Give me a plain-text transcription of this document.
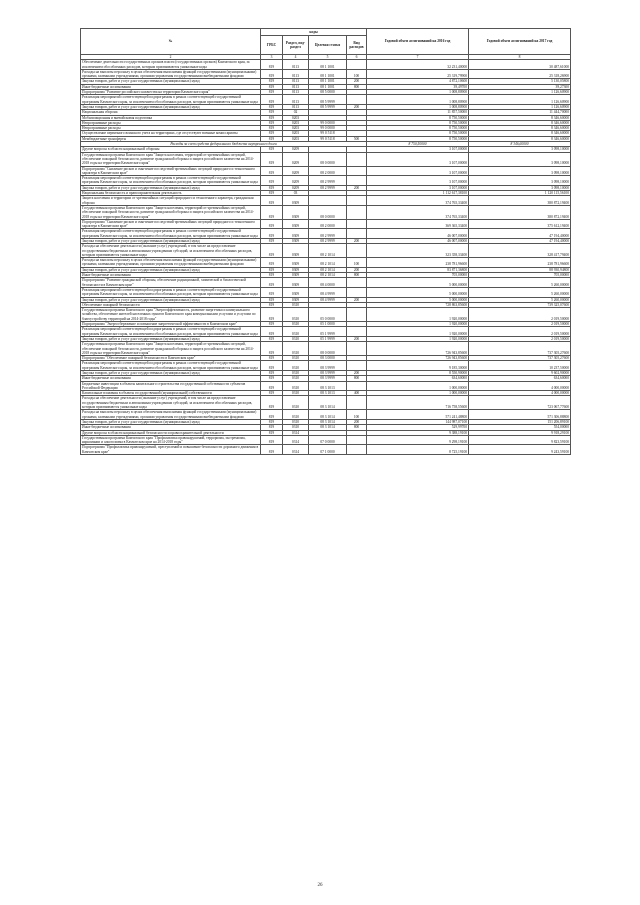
№	коды				Годовой объем ассигнований на 2016 год	Годовой объем ассигнований на 2017 год
	ГРБС	Раздел, под-раздел	Целевая статья	Вид расходов		
2	3	4	5	6	7	8
Обеспечение деятельности государственных органов власти (государственных органов) Камчатского края, за исключением обособленных расходов, которым присваиваются уникальные коды	819	0113	08 1 1001		32 231,40000	30 487,61000
Расходы на выплаты персоналу в целях обеспечения выполнения функций государственными (муниципальными) органами, казенными учреждениями, органами управления государственными внебюджетными фондами	819	0113	08 1 1001	100	25 319,79900	25 318,26900
Закупка товаров, работ и услуг для государственных (муниципальных) нужд	819	0113	08 1 1001	200	4 872,10600	5 130,05800
Иные бюджетные ассигнования	819	0113	08 1 1001	800	39,49700	39,27300
Подпрограмма "Развитие российского казачества на территории Камчатского края"	819	0113	08 5 0000		1 008,80900	1 126,60900
Реализация мероприятий соответствующей подпрограммы в рамках соответствующей государственной программы Камчатского края, за исключением обособленных расходов, которым присваиваются уникальные коды	819	0113	08 5 9999		1 008,80900	1 126,60900
Закупка товаров, работ и услуг для государственных (муниципальных) нужд	819	0113	08 5 9999	200	1 008,80900	1 126,60900
Национальная оборона	819	02			11 857,50000	11 444,70000
Мобилизационная и вневойсковая подготовка	819	0203			8 750,50000	8 346,60000
Непрограммные расходы	819	0203	99 0 0000		8 750,50000	8 346,60000
Непрограммные расходы	819	0203	99 0 0000		8 750,50000	8 346,60000
Осуществление первичного воинского учета на территориях, где отсутствуют военные комиссариаты	819	0203	99 0 5118		8 750,50000	8 346,60000
Межбюджетные трансферты	819	0203	99 0 5118	500	8 750,50000	8 346,60000
Расходы за счет средств федерального бюджета внутреннего долга					8 750,50000	8 346,60000
Другие вопросы в области национальной обороны	819	0209			3 107,00000	3 098,10000
Государственная программа Камчатского края "Защита населения, территорий от чрезвычайных ситуаций, обеспечение пожарной безопасности, развитие гражданской обороны и защита российского казачества на 2014-2018 годы на территории Камчатского края"	819	0209	08 0 0000		3 107,00000	3 098,10000
Подпрограмма "Снижение рисков и смягчение последствий чрезвычайных ситуаций природного и техногенного характера в Камчатском крае"	819	0209	08 2 0000		3 107,00000	3 098,10000
Реализация мероприятий соответствующей подпрограммы в рамках соответствующей государственной программы Камчатского края, за исключением обособленных расходов, которым присваиваются уникальные коды	819	0209	08 2 9999		3 107,00000	3 098,10000
Закупка товаров, работ и услуг для государственных (муниципальных) нужд	819	0209	08 2 9999	200	3 107,00000	3 098,10000
Национальная безопасность и правоохранительная деятельность	819	03			1 112 617,38100	1 120 115,56100
Защита населения и территории от чрезвычайных ситуаций природного и техногенного характера, гражданская оборона	819	0309			374 765,33400	380 872,19400
Государственная программа Камчатского края "Защита населения, территорий от чрезвычайных ситуаций, обеспечение пожарной безопасности, развитие гражданской обороны и защита российского казачества на 2014-2018 годы на территории Камчатского края"	819	0309	08 0 0000		374 765,33400	380 872,19400
Подпрограмма "Снижение рисков и смягчение последствий чрезвычайных ситуаций природного и техногенного характера в Камчатском крае"	819	0309	08 2 0000		369 365,33400	375 612,19400
Реализация мероприятий соответствующей подпрограммы в рамках соответствующей государственной программы Камчатского края, за исключением обособленных расходов, которым присваиваются уникальные коды	819	0309	08 2 9999		46 007,00000	47 194,40000
Закупка товаров, работ и услуг для государственных (муниципальных) нужд	819	0309	08 2 9999	200	46 007,00000	47 194,40000
Расходы на обеспечение деятельности (оказание услуг) учреждений, в том числе на предоставление государственным бюджетным и автономным учреждениям субсидий, за исключением обособленных расходов, которым присваиваются уникальные коды	819	0309	08 2 1014		323 358,33400	328 417,79400
Расходы на выплаты персоналу в целях обеспечения выполнения функций государственными (муниципальными) органами, казенными учреждениями, органами управления государственными внебюджетными фондами	819	0309	08 2 1014	100	238 781,96600	238 781,96600
Закупка товаров, работ и услуг для государственных (муниципальных) нужд	819	0309	08 2 1014	200	83 871,36800	88 930,94800
Иные бюджетные ассигнования	819	0309	08 2 1014	800	705,00000	705,00000
Подпрограмма "Развитие гражданской обороны, обеспечение радиационной, химической и биологической безопасности в Камчатском крае"	819	0309	08 4 0000		5 000,00000	5 260,00000
Реализация мероприятий соответствующей подпрограммы в рамках соответствующей государственной программы Камчатского края, за исключением обособленных расходов, которым присваиваются уникальные коды	819	0309	08 4 9999		5 000,00000	5 260,00000
Закупка товаров, работ и услуг для государственных (муниципальных) нужд	819	0309	08 4 9999	200	5 000,00000	5 260,00000
Обеспечение пожарной безопасности	819	0310			728 863,85600	739 325,07600
Государственная программа Камчатского края "Энергоэффективность, развитие энергетики и коммунального хозяйства, обеспечение жителей населенных пунктов Камчатского края коммунальными услугами и услугами по благоустройству территорий на 2014-2018 годы"	819	0310	05 0 0000		1 920,00000	2 019,50000
Подпрограмма "Энергосбережение и повышение энергетической эффективности в Камчатском крае"	819	0310	05 1 0000		1 920,00000	2 019,50000
Реализация мероприятий соответствующей подпрограммы в рамках соответствующей государственной программы Камчатского края, за исключением обособленных расходов, которым присваиваются уникальные коды	819	0310	05 1 9999		1 920,00000	2 019,50000
Закупка товаров, работ и услуг для государственных (муниципальных) нужд	819	0310	05 1 9999	200	1 920,00000	2 019,50000
Государственная программа Камчатского края "Защита населения, территорий от чрезвычайных ситуаций, обеспечение пожарной безопасности, развитие гражданской обороны и защита российского казачества на 2014-2018 годы на территории Камчатского края"	819	0310	08 0 0000		726 943,85600	737 305,27600
Подпрограмма "Обеспечение пожарной безопасности в Камчатском крае"	819	0310	08 3 0000		726 943,85600	737 305,27600
Реализация мероприятий соответствующей подпрограммы в рамках соответствующей государственной программы Камчатского края, за исключением обособленных расходов, которым присваиваются уникальные коды	819	0310	08 3 9999		9 185,30000	10 237,50000
Закупка товаров, работ и услуг для государственных (муниципальных) нужд	819	0310	08 3 9999	200	8 550,90000	9 602,90000
Иные бюджетные ассигнования	819	0310	08 3 9999	800	634,60000	634,60000
Бюджетные инвестиции в объекты капитального строительства государственной собственности субъектов Российской Федерации	819	0310	08 3 1013		1 000,00000	4 000,00000
Капитальные вложения в объекты государственной (муниципальной) собственности	819	0310	08 3 1013	400	1 000,00000	4 000,00000
Расходы на обеспечение деятельности (оказание услуг) учреждений, в том числе на предоставление государственным бюджетным и автономным учреждениям субсидий, за исключением обособленных расходов, которым присваиваются уникальные коды	819	0310	08 3 1014		716 758,55600	723 067,77600
Расходы на выплаты персоналу в целях обеспечения выполнения функций государственными (муниципальными) органами, казенными учреждениями, органами управления государственными внебюджетными фондами	819	0310	08 3 1014	100	571 241,48800	571 306,88800
Закупка товаров, работ и услуг для государственных (муниципальных) нужд	819	0310	08 3 1014	200	144 987,07100	151 206,89100
Иные бюджетные ассигнования	819	0310	08 3 1014	800	529,99700	554,00000
Другие вопросы в области национальной безопасности и правоохранительной деятельности	819	0314			9 388,19100	9 918,29100
Государственная программа Камчатского края "Профилактика правонарушений, терроризма, экстремизма, наркомании и алкоголизма в Камчатском крае на 2014-2018 годы"	819	0314	07 0 0000		9 298,19100	9 823,59100
Подпрограмма "Профилактика правонарушений, преступлений и повышение безопасности дорожного движения в Камчатском крае"	819	0314	07 1 0000		8 725,19100	9 243,59100
26
